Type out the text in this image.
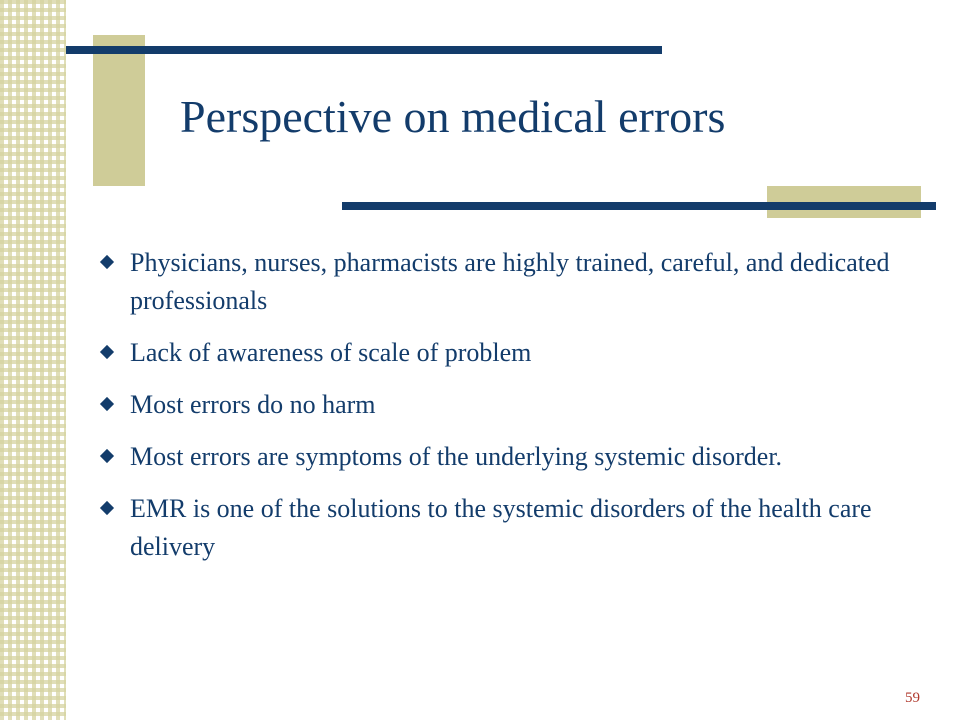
Perspective on medical errors
Physicians, nurses, pharmacists are highly trained, careful, and dedicated professionals
Lack of awareness of scale of problem
Most errors do no harm
Most errors are symptoms of the underlying systemic disorder.
EMR is one of the solutions to the systemic disorders of the health care delivery
59
